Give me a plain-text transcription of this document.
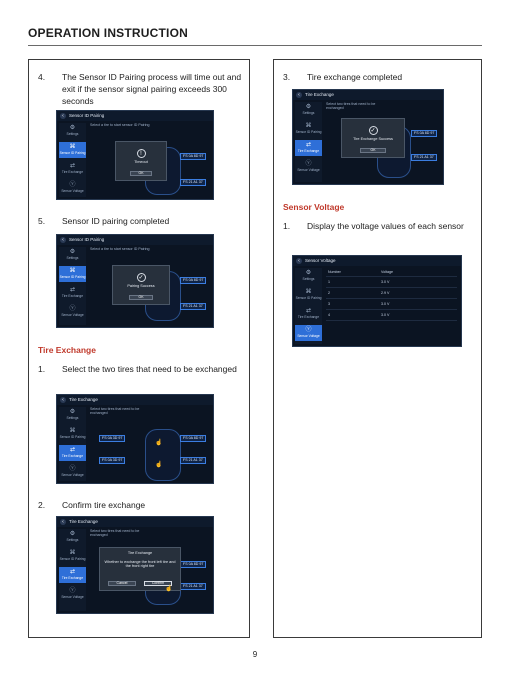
OPERATION INSTRUCTION
4.	The Sensor ID Pairing process will time out and exit if the sensor signal pairing exceeds 300 seconds
‹	Sensor ID Pairing
⚙
Settings
⌘
Sensor ID Pairing
⇄
Tire Exchange
ⓥ
Sensor Voltage
Select a tire to start sensor ID Pairing
FS 0A 8D 97
FS 21 A1 37
!
Timeout
OK
5.	Sensor ID pairing completed
‹	Sensor ID Pairing
⚙
Settings
⌘
Sensor ID Pairing
⇄
Tire Exchange
ⓥ
Sensor Voltage
Select a tire to start sensor ID Pairing
FS 0A 8D 97
FS 21 A1 37
✓
Pairing Success
OK
Tire Exchange
1.	Select the two tires that need to be exchanged
‹	Tire Exchange
⚙
Settings
⌘
Sensor ID Pairing
⇄
Tire Exchange
ⓥ
Sensor Voltage
Select two tires that need to be exchanged
FS 0A 3D 97
FS 0A 3D 97
FS 0A 8D 97
FS 21 A1 37
☝
☝
2.	Confirm tire exchange
‹	Tire Exchange
⚙
Settings
⌘
Sensor ID Pairing
⇄
Tire Exchange
ⓥ
Sensor Voltage
Select two tires that need to be exchanged
FS 0A 8D 97
FS 21 A1 37
Tire Exchange
Whether to exchange the front left tire and the front right tire
Cancel	Confirm
☝
3.	Tire exchange completed
‹	Tire Exchange
⚙
Settings
⌘
Sensor ID Pairing
⇄
Tire Exchange
ⓥ
Sensor Voltage
Select two tires that need to be exchanged
FS 0A 8D 97
FS 21 A1 37
✓
Tire Exchange Success
OK
Sensor Voltage
1.	Display the voltage values of each sensor
‹	Sensor Voltage
⚙
Settings
⌘
Sensor ID Pairing
⇄
Tire Exchange
ⓥ
Sensor Voltage
Number	Voltage
1	3.0 V
2	2.9 V
3	3.0 V
4	3.0 V
9
